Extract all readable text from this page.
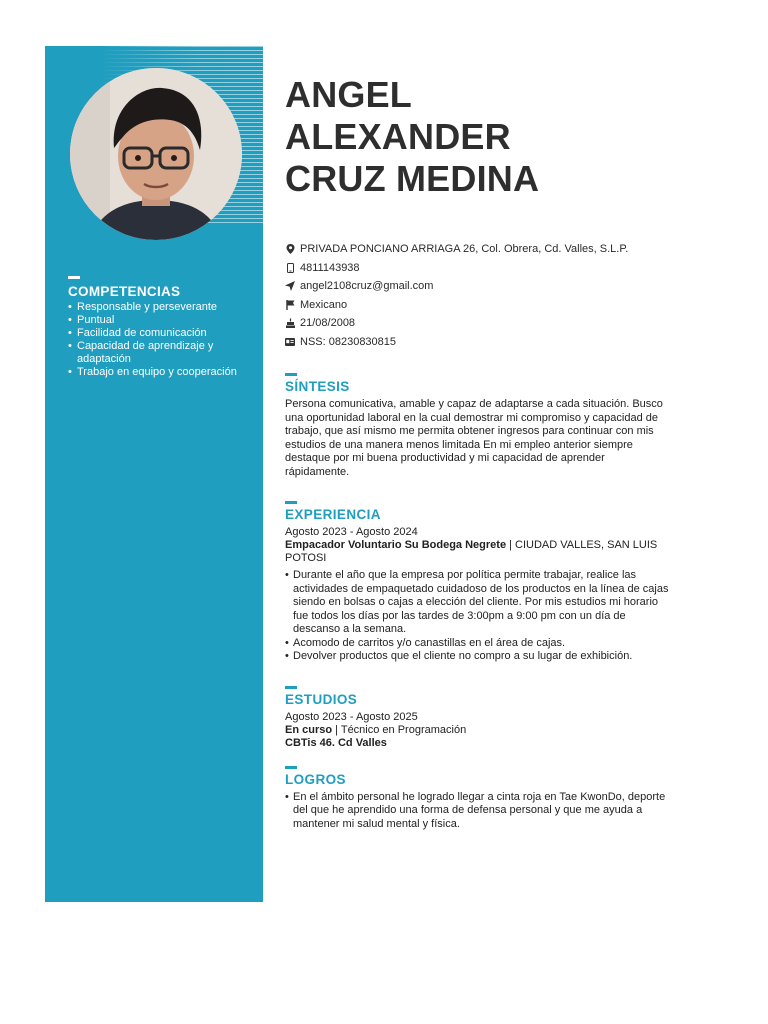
COMPETENCIAS
• Responsable y perseverante
• Puntual
• Facilidad de comunicación
• Capacidad de aprendizaje y adaptación
• Trabajo en equipo y cooperación
ANGEL
ALEXANDER
CRUZ MEDINA
PRIVADA PONCIANO ARRIAGA 26, Col. Obrera, Cd. Valles, S.L.P.
4811143938
angel2108cruz@gmail.com
Mexicano
21/08/2008
NSS: 08230830815
SÍNTESIS

Persona comunicativa, amable y capaz de adaptarse a cada situación. Busco una oportunidad laboral en la cual demostrar mi compromiso y capacidad de trabajo, que así mismo me permita obtener ingresos para continuar con mis estudios de una manera menos limitada En mi empleo anterior siempre destaque por mi buena productividad y mi capacidad de aprender rápidamente.

EXPERIENCIA

Agosto 2023 - Agosto 2024

Empacador Voluntario Su Bodega Negrete | CIUDAD VALLES, SAN LUIS POTOSI

• Durante el año que la empresa por política permite trabajar, realice las actividades de empaquetado cuidadoso de los productos en la línea de cajas siendo en bolsas o cajas a elección del cliente. Por mis estudios mi horario fue todos los días por las tardes de 3:00pm a 9:00 pm con un día de descanso a la semana.
• Acomodo de carritos y/o canastillas en el área de cajas.
• Devolver productos que el cliente no compro a su lugar de exhibición.
ESTUDIOS

Agosto 2023 - Agosto 2025

En curso | Técnico en Programación

CBTis 46. Cd Valles

LOGROS
• En el ámbito personal he logrado llegar a cinta roja en Tae KwonDo, deporte del que he aprendido una forma de defensa personal y que me ayuda a mantener mi salud mental y física.
